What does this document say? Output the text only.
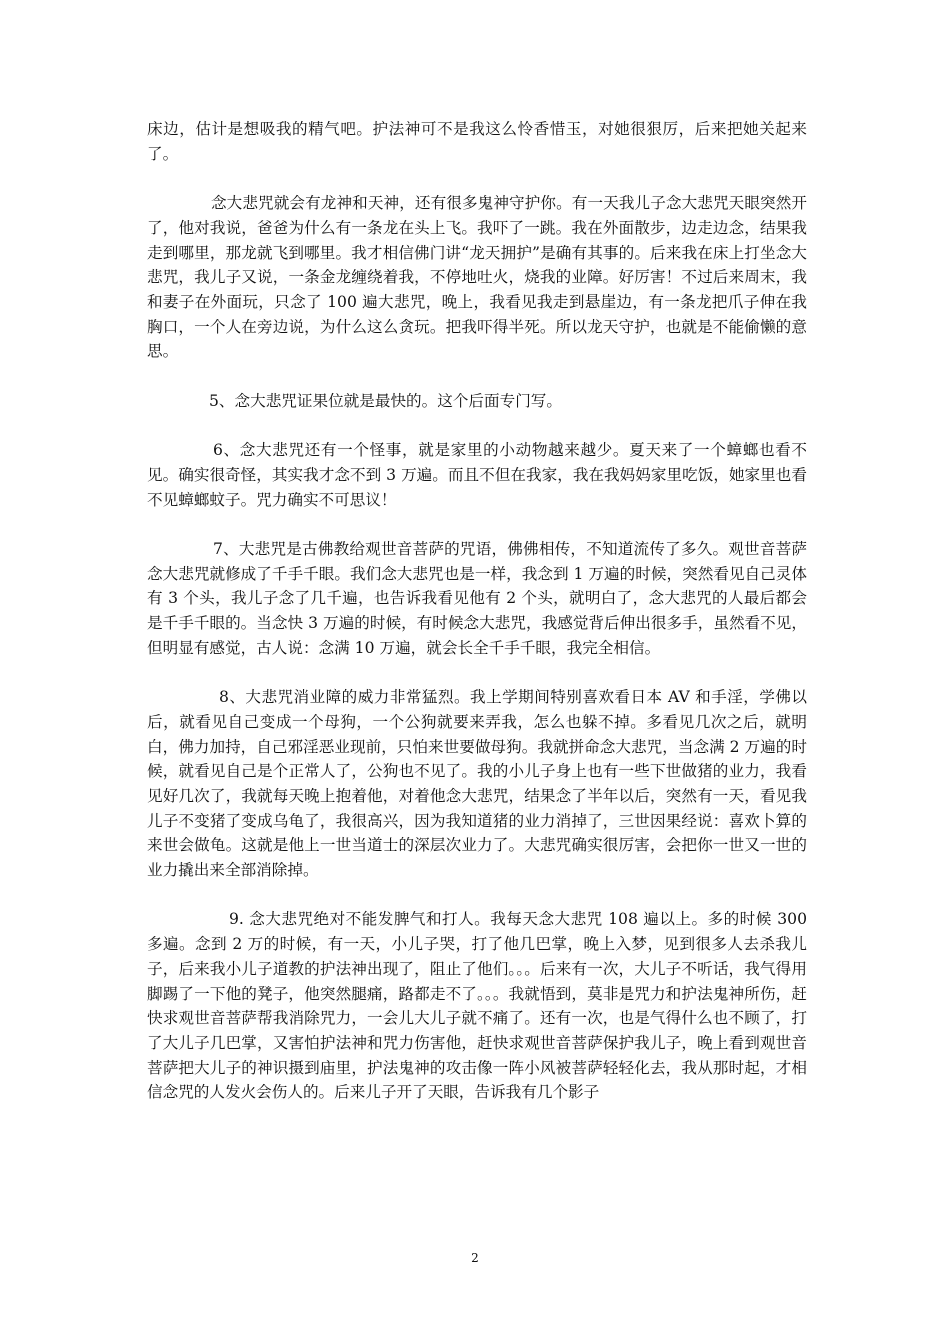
床边，估计是想吸我的精气吧。护法神可不是我这么怜香惜玉，对她很狠厉，后来把她关起来了。

念大悲咒就会有龙神和天神，还有很多鬼神守护你。有一天我儿子念大悲咒天眼突然开了，他对我说，爸爸为什么有一条龙在头上飞。我吓了一跳。我在外面散步，边走边念，结果我走到哪里，那龙就飞到哪里。我才相信佛门讲“龙天拥护”是确有其事的。后来我在床上打坐念大悲咒，我儿子又说，一条金龙缠绕着我，不停地吐火，烧我的业障。好厉害！不过后来周末，我和妻子在外面玩，只念了 100 遍大悲咒，晚上，我看见我走到悬崖边，有一条龙把爪子伸在我胸口，一个人在旁边说，为什么这么贪玩。把我吓得半死。所以龙天守护，也就是不能偷懒的意思。

5、念大悲咒证果位就是最快的。这个后面专门写。

6、念大悲咒还有一个怪事，就是家里的小动物越来越少。夏天来了一个蟑螂也看不见。确实很奇怪，其实我才念不到 3 万遍。而且不但在我家，我在我妈妈家里吃饭，她家里也看不见蟑螂蚊子。咒力确实不可思议！

7、大悲咒是古佛教给观世音菩萨的咒语，佛佛相传，不知道流传了多久。观世音菩萨念大悲咒就修成了千手千眼。我们念大悲咒也是一样，我念到 1 万遍的时候，突然看见自己灵体有 3 个头，我儿子念了几千遍，也告诉我看见他有 2 个头，就明白了，念大悲咒的人最后都会是千手千眼的。当念快 3 万遍的时候，有时候念大悲咒，我感觉背后伸出很多手，虽然看不见，但明显有感觉，古人说：念满 10 万遍，就会长全千手千眼，我完全相信。

8、大悲咒消业障的威力非常猛烈。我上学期间特别喜欢看日本 AV 和手淫，学佛以后，就看见自己变成一个母狗，一个公狗就要来弄我，怎么也躲不掉。多看见几次之后，就明白，佛力加持，自己邪淫恶业现前，只怕来世要做母狗。我就拼命念大悲咒，当念满 2 万遍的时候，就看见自己是个正常人了，公狗也不见了。我的小儿子身上也有一些下世做猪的业力，我看见好几次了，我就每天晚上抱着他，对着他念大悲咒，结果念了半年以后，突然有一天，看见我儿子不变猪了变成乌龟了，我很高兴，因为我知道猪的业力消掉了，三世因果经说：喜欢卜算的来世会做龟。这就是他上一世当道士的深层次业力了。大悲咒确实很厉害，会把你一世又一世的业力撬出来全部消除掉。

9. 念大悲咒绝对不能发脾气和打人。我每天念大悲咒 108 遍以上。多的时候 300 多遍。念到 2 万的时候，有一天，小儿子哭，打了他几巴掌，晚上入梦，见到很多人去杀我儿子，后来我小儿子道教的护法神出现了，阻止了他们。。。后来有一次，大儿子不听话，我气得用脚踢了一下他的凳子，他突然腿痛，路都走不了。。。我就悟到，莫非是咒力和护法鬼神所伤，赶快求观世音菩萨帮我消除咒力，一会儿大儿子就不痛了。还有一次，也是气得什么也不顾了，打了大儿子几巴掌，又害怕护法神和咒力伤害他，赶快求观世音菩萨保护我儿子，晚上看到观世音菩萨把大儿子的神识摄到庙里，护法鬼神的攻击像一阵小风被菩萨轻轻化去，我从那时起，才相信念咒的人发火会伤人的。后来儿子开了天眼，告诉我有几个影子

2
